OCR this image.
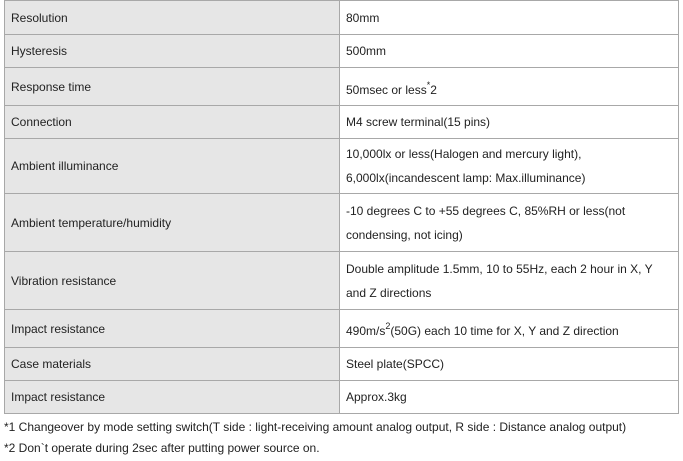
Resolution	80mm

Hysteresis	500mm

Response time	50msec or less*2
Connection	M4 screw terminal(15 pins)

Ambient illuminance	10,000lx or less(Halogen and mercury light),
6,000lx(incandescent lamp: Max.illuminance)

Ambient temperature/humidity	-10 degrees C to +55 degrees C, 85%RH or less(not
condensing, not icing)

Vibration resistance	Double amplitude 1.5mm, 10 to 55Hz, each 2 hour in X, Y
and Z directions

Impact resistance	$490m/s^2(50G)$ each 10 time for X, Y and Z direction
Case materials	Steel plate(SPCC)

Impact resistance	Approx.3kg
*1 Changeover by mode setting switch(T side : light-receiving amount analog output, R side : Distance analog output)
*2 Don`t operate during 2sec after putting power source on.
